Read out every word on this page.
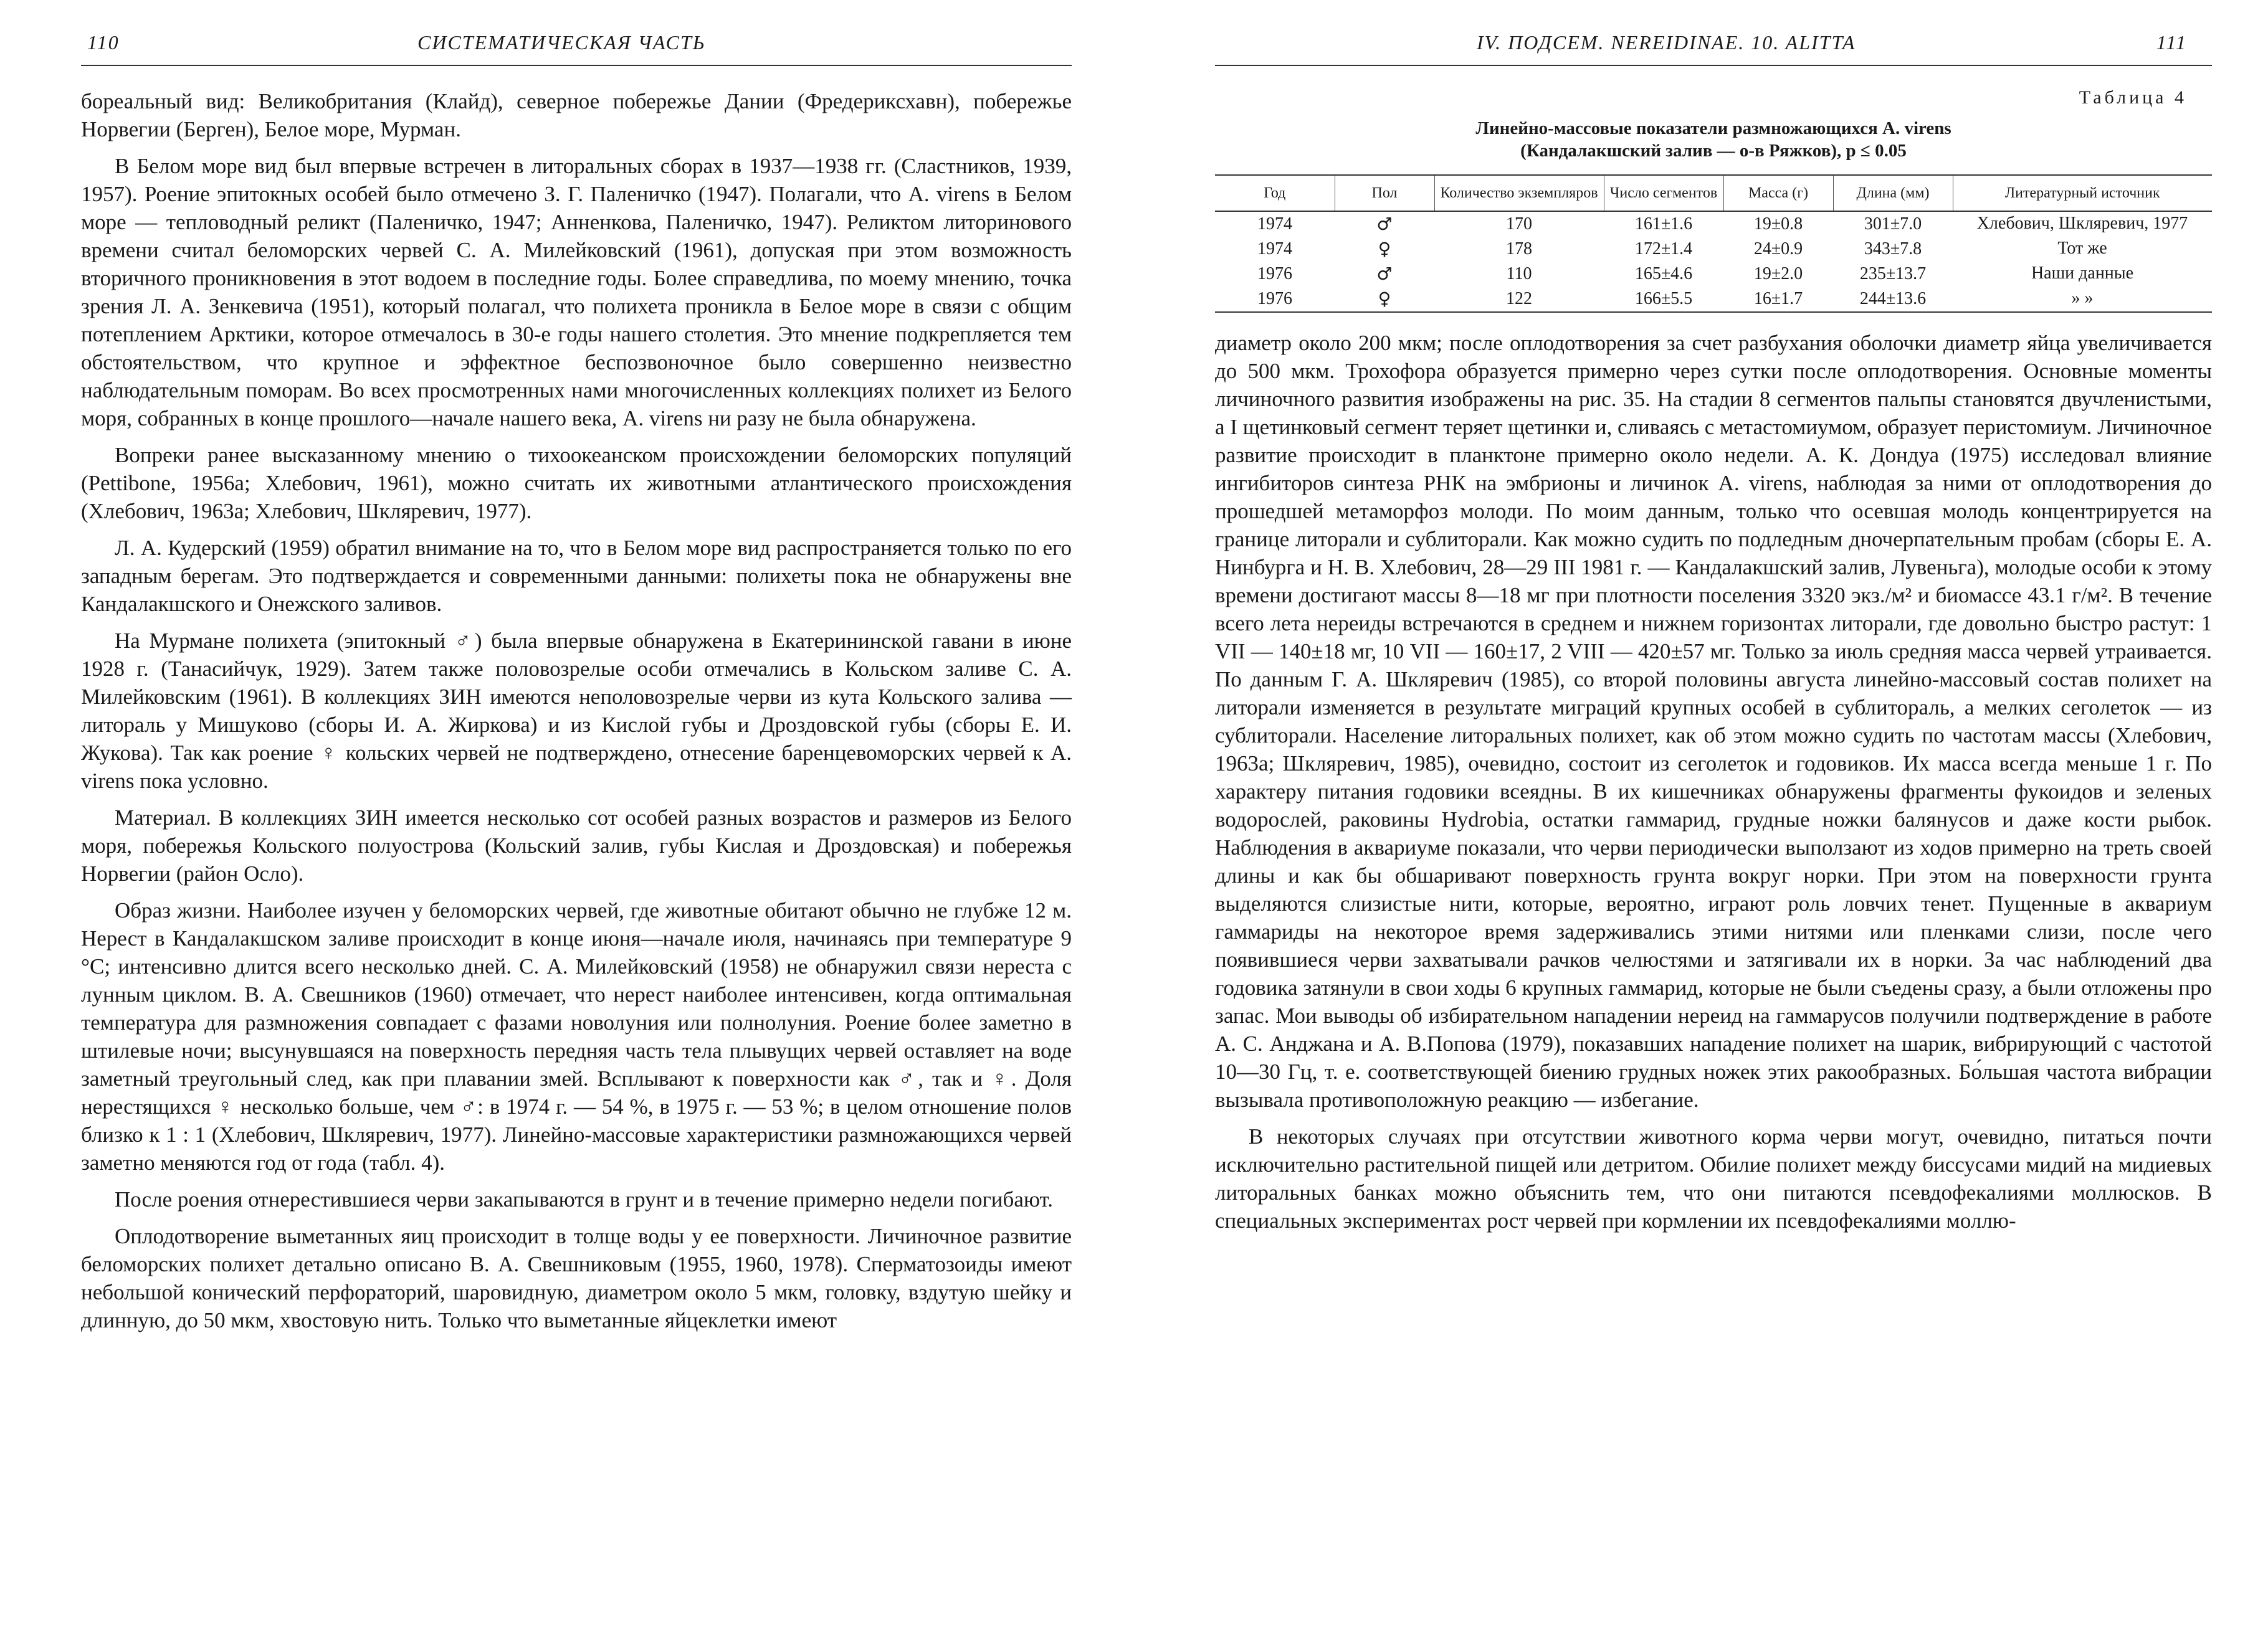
110	СИСТЕМАТИЧЕСКАЯ ЧАСТЬ

бореальный вид: Великобритания (Клайд), северное побережье Дании (Фредериксхавн), побережье Норвегии (Берген), Белое море, Мурман.

В Белом море вид был впервые встречен в литоральных сборах в 1937—1938 гг. (Сластников, 1939, 1957). Роение эпитокных особей было отмечено З. Г. Паленичко (1947). Полагали, что A. virens в Белом море — тепловодный реликт (Паленичко, 1947; Анненкова, Паленичко, 1947). Реликтом литоринового времени считал беломорских червей С. А. Милейковский (1961), допуская при этом возможность вторичного проникновения в этот водоем в последние годы. Более справедлива, по моему мнению, точка зрения Л. А. Зенкевича (1951), который полагал, что полихета проникла в Белое море в связи с общим потеплением Арктики, которое отмечалось в 30-е годы нашего столетия. Это мнение подкрепляется тем обстоятельством, что крупное и эффектное беспозвоночное было совершенно неизвестно наблюдательным поморам. Во всех просмотренных нами многочисленных коллекциях полихет из Белого моря, собранных в конце прошлого—начале нашего века, A. virens ни разу не была обнаружена.

Вопреки ранее высказанному мнению о тихоокеанском происхождении беломорских популяций (Pettibone, 1956а; Хлебович, 1961), можно считать их животными атлантического происхождения (Хлебович, 1963а; Хлебович, Шкляревич, 1977).

Л. А. Кудерский (1959) обратил внимание на то, что в Белом море вид распространяется только по его западным берегам. Это подтверждается и современными данными: полихеты пока не обнаружены вне Кандалакшского и Онежского заливов.

На Мурмане полихета (эпитокный ♂) была впервые обнаружена в Екатерининской гавани в июне 1928 г. (Танасийчук, 1929). Затем также половозрелые особи отмечались в Кольском заливе С. А. Милейковским (1961). В коллекциях ЗИН имеются неполовозрелые черви из кута Кольского залива — литораль у Мишуково (сборы И. А. Жиркова) и из Кислой губы и Дроздовской губы (сборы Е. И. Жукова). Так как роение ♀ кольских червей не подтверждено, отнесение баренцевоморских червей к A. virens пока условно.

Материал. В коллекциях ЗИН имеется несколько сот особей разных возрастов и размеров из Белого моря, побережья Кольского полуострова (Кольский залив, губы Кислая и Дроздовская) и побережья Норвегии (район Осло).

Образ жизни. Наиболее изучен у беломорских червей, где животные обитают обычно не глубже 12 м. Нерест в Кандалакшском заливе происходит в конце июня—начале июля, начинаясь при температуре 9 °С; интенсивно длится всего несколько дней. С. А. Милейковский (1958) не обнаружил связи нереста с лунным циклом. В. А. Свешников (1960) отмечает, что нерест наиболее интенсивен, когда оптимальная температура для размножения совпадает с фазами новолуния или полнолуния. Роение более заметно в штилевые ночи; высунувшаяся на поверхность передняя часть тела плывущих червей оставляет на воде заметный треугольный след, как при плавании змей. Всплывают к поверхности как ♂, так и ♀. Доля нерестящихся ♀ несколько больше, чем ♂: в 1974 г. — 54 %, в 1975 г. — 53 %; в целом отношение полов близко к 1 : 1 (Хлебович, Шкляревич, 1977). Линейно-массовые характеристики размножающихся червей заметно меняются год от года (табл. 4).

После роения отнерестившиеся черви закапываются в грунт и в течение примерно недели погибают.

Оплодотворение выметанных яиц происходит в толще воды у ее поверхности. Личиночное развитие беломорских полихет детально описано В. А. Свешниковым (1955, 1960, 1978). Сперматозоиды имеют небольшой конический перфораторий, шаровидную, диаметром около 5 мкм, головку, вздутую шейку и длинную, до 50 мкм, хвостовую нить. Только что выметанные яйцеклетки имеют

IV. ПОДСЕМ. NEREIDINAE. 10. ALITTA	111
Таблица 4
Линейно-массовые показатели размножающихся A. virens
(Кандалакшский залив — о-в Ряжков), p ≤ 0.05
Год	Пол	Количество экземпляров	Число сегментов	Масса (г)	Длина (мм)	Литературный источник
1974	♂	170	161±1.6	19±0.8	301±7.0	Хлебович, Шкляревич, 1977
1974	♀	178	172±1.4	24±0.9	343±7.8	Тот же
1976	♂	110	165±4.6	19±2.0	235±13.7	Наши данные
1976	♀	122	166±5.5	16±1.7	244±13.6	» »

диаметр около 200 мкм; после оплодотворения за счет разбухания оболочки диаметр яйца увеличивается до 500 мкм. Трохофора образуется примерно через сутки после оплодотворения. Основные моменты личиночного развития изображены на рис. 35. На стадии 8 сегментов пальпы становятся двучленистыми, а I щетинковый сегмент теряет щетинки и, сливаясь с метастомиумом, образует перистомиум. Личиночное развитие происходит в планктоне примерно около недели. А. К. Дондуа (1975) исследовал влияние ингибиторов синтеза РНК на эмбрионы и личинок A. virens, наблюдая за ними от оплодотворения до прошедшей метаморфоз молоди. По моим данным, только что осевшая молодь концентрируется на границе литорали и сублиторали. Как можно судить по подледным дночерпательным пробам (сборы Е. А. Нинбурга и Н. В. Хлебович, 28—29 III 1981 г. — Кандалакшский залив, Лувеньга), молодые особи к этому времени достигают массы 8—18 мг при плотности поселения 3320 экз./м² и биомассе 43.1 г/м². В течение всего лета нереиды встречаются в среднем и нижнем горизонтах литорали, где довольно быстро растут: 1 VII — 140±18 мг, 10 VII — 160±17, 2 VIII — 420±57 мг. Только за июль средняя масса червей утраивается. По данным Г. А. Шкляревич (1985), со второй половины августа линейно-массовый состав полихет на литорали изменяется в результате миграций крупных особей в сублитораль, а мелких сеголеток — из сублиторали. Население литоральных полихет, как об этом можно судить по частотам массы (Хлебович, 1963а; Шкляревич, 1985), очевидно, состоит из сеголеток и годовиков. Их масса всегда меньше 1 г. По характеру питания годовики всеядны. В их кишечниках обнаружены фрагменты фукоидов и зеленых водорослей, раковины Hydrobia, остатки гаммарид, грудные ножки балянусов и даже кости рыбок. Наблюдения в аквариуме показали, что черви периодически выползают из ходов примерно на треть своей длины и как бы обшаривают поверхность грунта вокруг норки. При этом на поверхности грунта выделяются слизистые нити, которые, вероятно, играют роль ловчих тенет. Пущенные в аквариум гаммариды на некоторое время задерживались этими нитями или пленками слизи, после чего появившиеся черви захватывали рачков челюстями и затягивали их в норки. За час наблюдений два годовика затянули в свои ходы 6 крупных гаммарид, которые не были съедены сразу, а были отложены про запас. Мои выводы об избирательном нападении нереид на гаммарусов получили подтверждение в работе А. С. Анджана и А. В.Попова (1979), показавших нападение полихет на шарик, вибрирующий с частотой 10—30 Гц, т. е. соответствующей биению грудных ножек этих ракообразных. Бо́льшая частота вибрации вызывала противоположную реакцию — избегание.

В некоторых случаях при отсутствии животного корма черви могут, очевидно, питаться почти исключительно растительной пищей или детритом. Обилие полихет между биссусами мидий на мидиевых литоральных банках можно объяснить тем, что они питаются псевдофекалиями моллюсков. В специальных экспериментах рост червей при кормлении их псевдофекалиями моллю-
